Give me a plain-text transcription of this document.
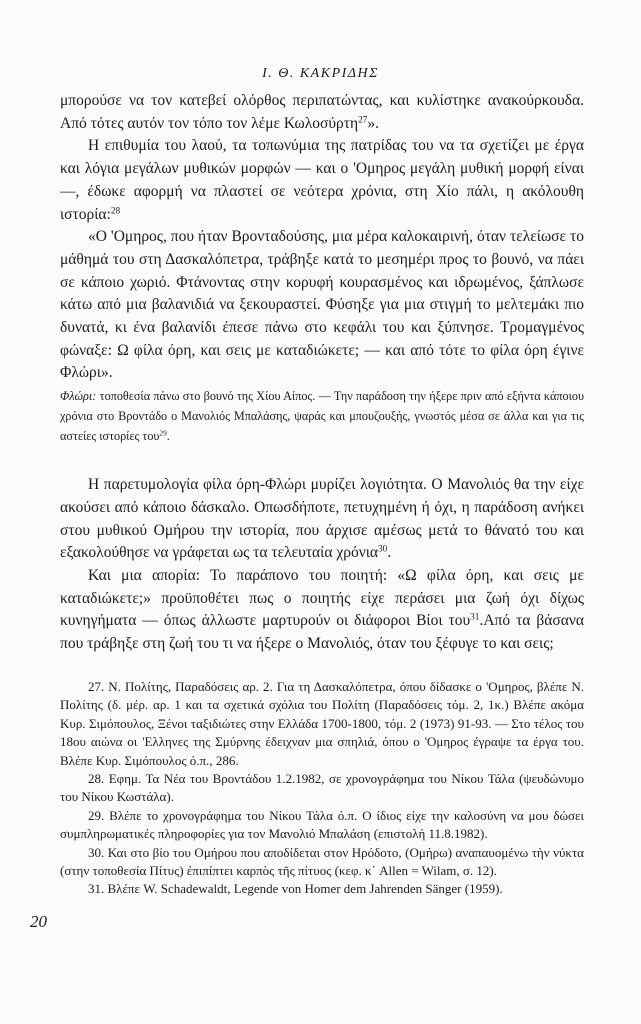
I. Θ. ΚΑΚΡΙΔΗΣ

μπορούσε να τον κατεβεί ολόρθος περιπατώντας, και κυλίστηκε ανακούρκουδα. Από τότες αυτόν τον τόπο τον λέμε Κωλοσύρτη$^{27}$».

Η επιθυμία του λαού, τα τοπωνύμια της πατρίδας του να τα σχετίζει με έργα και λόγια μεγάλων μυθικών μορφών — και ο 'Ομηρος μεγάλη μυθική μορφή είναι —, έδωκε αφορμή να πλαστεί σε νεότερα χρόνια, στη Χίο πάλι, η ακόλουθη ιστορία:$^{28}$

«Ο 'Ομηρος, που ήταν Βρονταδούσης, μια μέρα καλοκαιρινή, όταν τελείωσε το μάθημά του στη Δασκαλόπετρα, τράβηξε κατά το μεσημέρι προς το βουνό, να πάει σε κάποιο χωριό. Φτάνοντας στην κορυφή κουρασμένος και ιδρωμένος, ξάπλωσε κάτω από μια βαλανιδιά να ξεκουραστεί. Φύσηξε για μια στιγμή το μελτεμάκι πιο δυνατά, κι ένα βαλανίδι έπεσε πάνω στο κεφάλι του και ξύπνησε. Τρομαγμένος φώναξε: Ω φίλα όρη, και σεις με καταδιώκετε; — και από τότε το φίλα όρη έγινε Φλώρι».

Φλώρι: τοποθεσία πάνω στο βουνό της Χίου Αίπος. — Την παράδοση την ήξερε πριν από εξήντα κάποιου χρόνια στο Βροντάδο ο Μανολιός Μπαλάσης, ψαράς και μπουζουξής, γνωστός μέσα σε άλλα και για τις αστείες ιστορίες του$^{29}$.

Η παρετυμολογία φίλα όρη-Φλώρι μυρίζει λογιότητα. Ο Μανολιός θα την είχε ακούσει από κάποιο δάσκαλο. Οπωσδήποτε, πετυχημένη ή όχι, η παράδοση ανήκει στου μυθικού Ομήρου την ιστορία, που άρχισε αμέσως μετά το θάνατό του και εξακολούθησε να γράφεται ως τα τελευταία χρόνια$^{30}$.

Και μια απορία: Το παράπονο του ποιητή: «Ω φίλα όρη, και σεις με καταδιώκετε;» προϋποθέτει πως ο ποιητής είχε περάσει μια ζωή όχι δίχως κυνηγήματα — όπως άλλωστε μαρτυρούν οι διάφοροι Βίοι του$^{31}$.Από τα βάσανα που τράβηξε στη ζωή του τι να ήξερε ο Μανολιός, όταν του ξέφυγε το και σεις;

27. Ν. Πολίτης, Παραδόσεις αρ. 2. Για τη Δασκαλόπετρα, όπου δίδασκε ο 'Ομηρος, βλέπε Ν. Πολίτης (δ. μέρ. αρ. 1 και τα σχετικά σχόλια του Πολίτη (Παραδόσεις τόμ. 2, 1κ.) Βλέπε ακόμα Κυρ. Σιμόπουλος, Ξένοι ταξιδιώτες στην Ελλάδα 1700-1800, τόμ. 2 (1973) 91-93. — Στο τέλος του 18ου αιώνα οι 'Ελληνες της Σμύρνης έδειχναν μια σπηλιά, όπου ο 'Ομηρος έγραψε τα έργα του. Βλέπε Κυρ. Σιμόπουλος ό.π., 286.

28. Εφημ. Τα Νέα του Βροντάδου 1.2.1982, σε χρονογράφημα του Νίκου Τάλα (ψευδώνυμο του Νίκου Κωστάλα).

29. Βλέπε το χρονογράφημα του Νίκου Τάλα ό.π. Ο ίδιος είχε την καλοσύνη να μου δώσει συμπληρωματικές πληροφορίες για τον Μανολιό Μπαλάση (επιστολή 11.8.1982).

30. Και στο βίο του Ομήρου που αποδίδεται στον Ηρόδοτο, (Ομήρω) αναπαυομένω τὴν νύκτα (στην τοποθεσία Πίτυς) ἐπιπίπτει καρπὸς τῆς πίτυος (κεφ. κ΄ Allen = Wilam, σ. 12).

31. Βλέπε W. Schadewaldt, Legende von Homer dem Jahrenden Sänger (1959).

20
